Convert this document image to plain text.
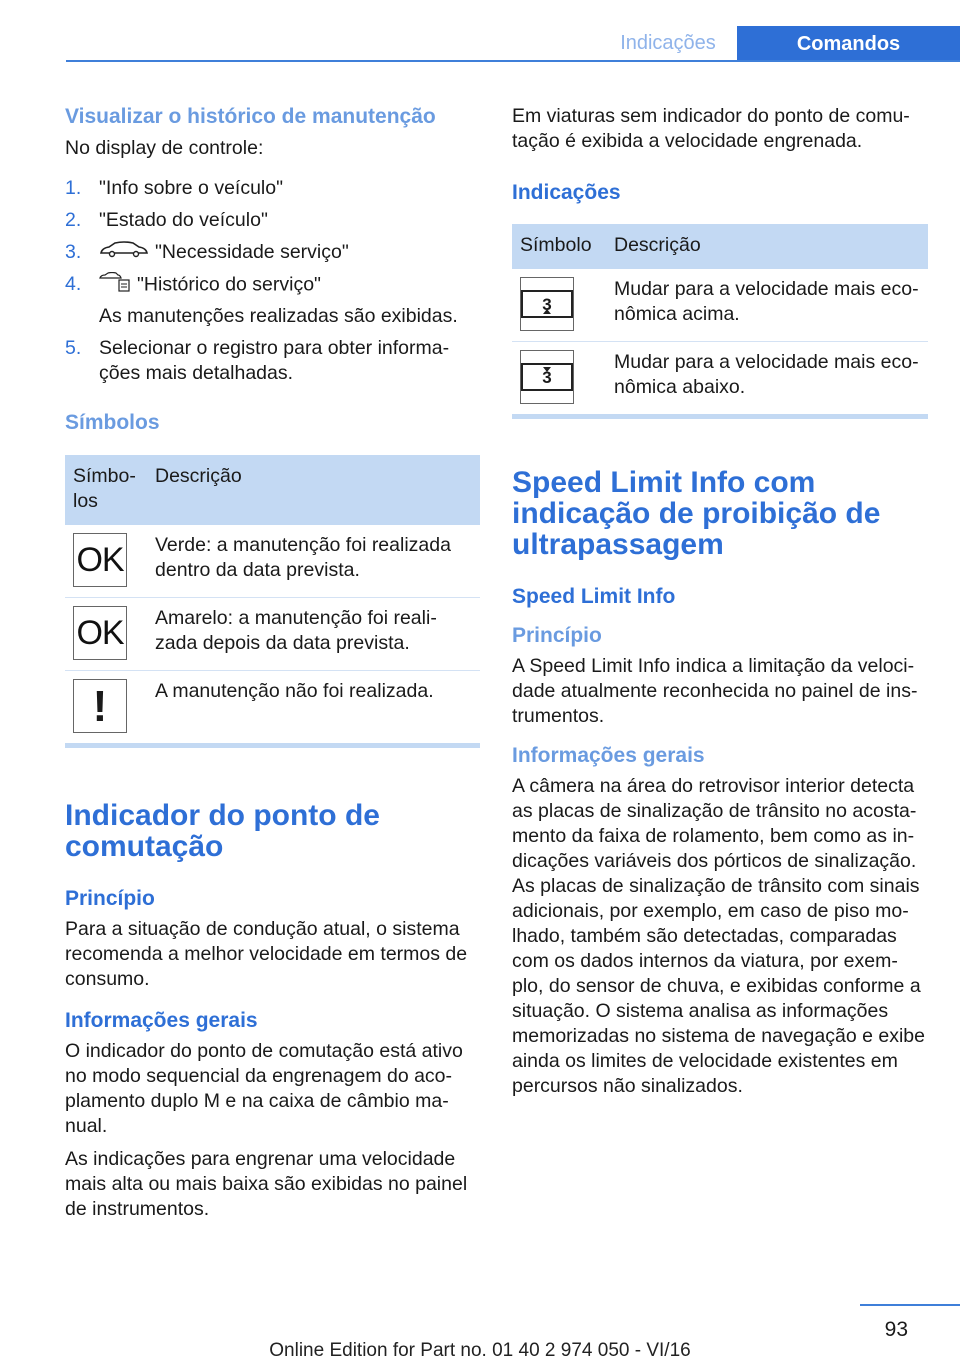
Indicações	Comandos
Visualizar o histórico de manutenção

No display de controle:

1. "Info sobre o veículo"
2. "Estado do veículo"
3.	"Necessidade serviço"
4.	"Histórico do serviço"
As manutenções realizadas são exibidas.
5. Selecionar o registro para obter informa‐ções mais detalhadas.
Símbolos
Símbo‐los	Descrição

OK	Verde: a manutenção foi realizada dentro da data prevista.

OK	Amarelo: a manutenção foi reali‐zada depois da data prevista.

!	A manutenção não foi realizada.
Indicador do ponto de comutação
Princípio

Para a situação de condução atual, o sistema recomenda a melhor velocidade em termos de consumo.

Informações gerais

O indicador do ponto de comutação está ativo no modo sequencial da engrenagem do aco‐plamento duplo M e na caixa de câmbio ma‐nual.

As indicações para engrenar uma velocidade mais alta ou mais baixa são exibidas no painel de instrumentos.

Em viaturas sem indicador do ponto de comu‐tação é exibida a velocidade engrenada.
Indicações
Símbolo	Descrição

3	Mudar para a velocidade mais eco‐nômica acima.

3	Mudar para a velocidade mais eco‐nômica abaixo.
Speed Limit Info com indicação de proibição de ultrapassagem
Speed Limit Info
Princípio

A Speed Limit Info indica a limitação da veloci‐dade atualmente reconhecida no painel de ins‐trumentos.

Informações gerais

A câmera na área do retrovisor interior detecta as placas de sinalização de trânsito no acosta‐mento da faixa de rolamento, bem como as in‐dicações variáveis dos pórticos de sinalização. As placas de sinalização de trânsito com sinais adicionais, por exemplo, em caso de piso mo‐lhado, também são detectadas, comparadas com os dados internos da viatura, por exem‐plo, do sensor de chuva, e exibidas conforme a situação. O sistema analisa as informações memorizadas no sistema de navegação e exibe ainda os limites de velocidade existentes em percursos não sinalizados.

93
Online Edition for Part no. 01 40 2 974 050 - VI/16
